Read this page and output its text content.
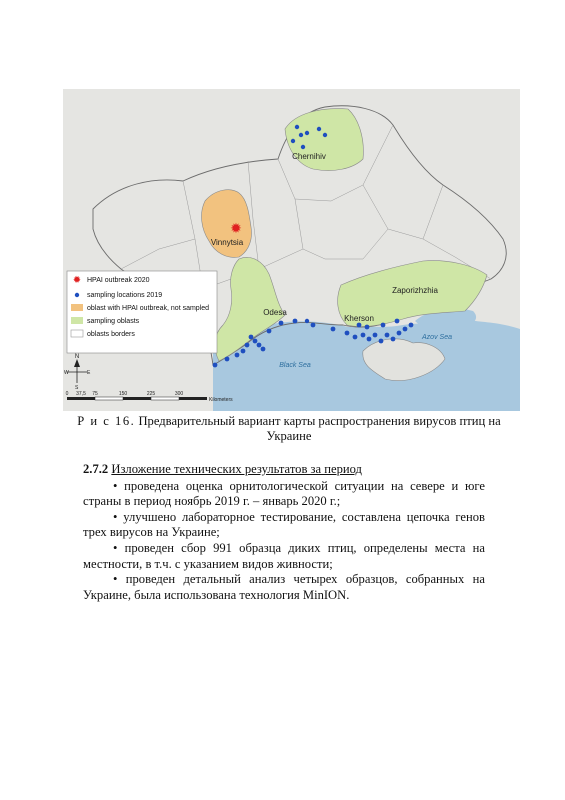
✹
Chernihiv
Vinnytsia
Odesa
Kherson
Zaporizhzhia
Black Sea
Azov Sea
✹ HPAI outbreak 2020
sampling locations 2019
oblast with HPAI outbreak, not sampled
sampling oblasts
oblasts borders
N
W	E
S
0 37,5 75	150	225	300
Kilometers
Р и с 16. Предварительный вариант карты распространения вирусов птиц на Украине
2.7.2 Изложение технических результатов за период

• проведена оценка орнитологической ситуации на севере и юге страны в период ноябрь 2019 г. – январь 2020 г.;

• улучшено лабораторное тестирование, составлена цепочка генов трех вирусов на Украине;

• проведен сбор 991 образца диких птиц, определены места на местности, в т.ч. с указанием видов живности;

• проведен детальный анализ четырех образцов, собранных на Украине, была использована технология MinION.
